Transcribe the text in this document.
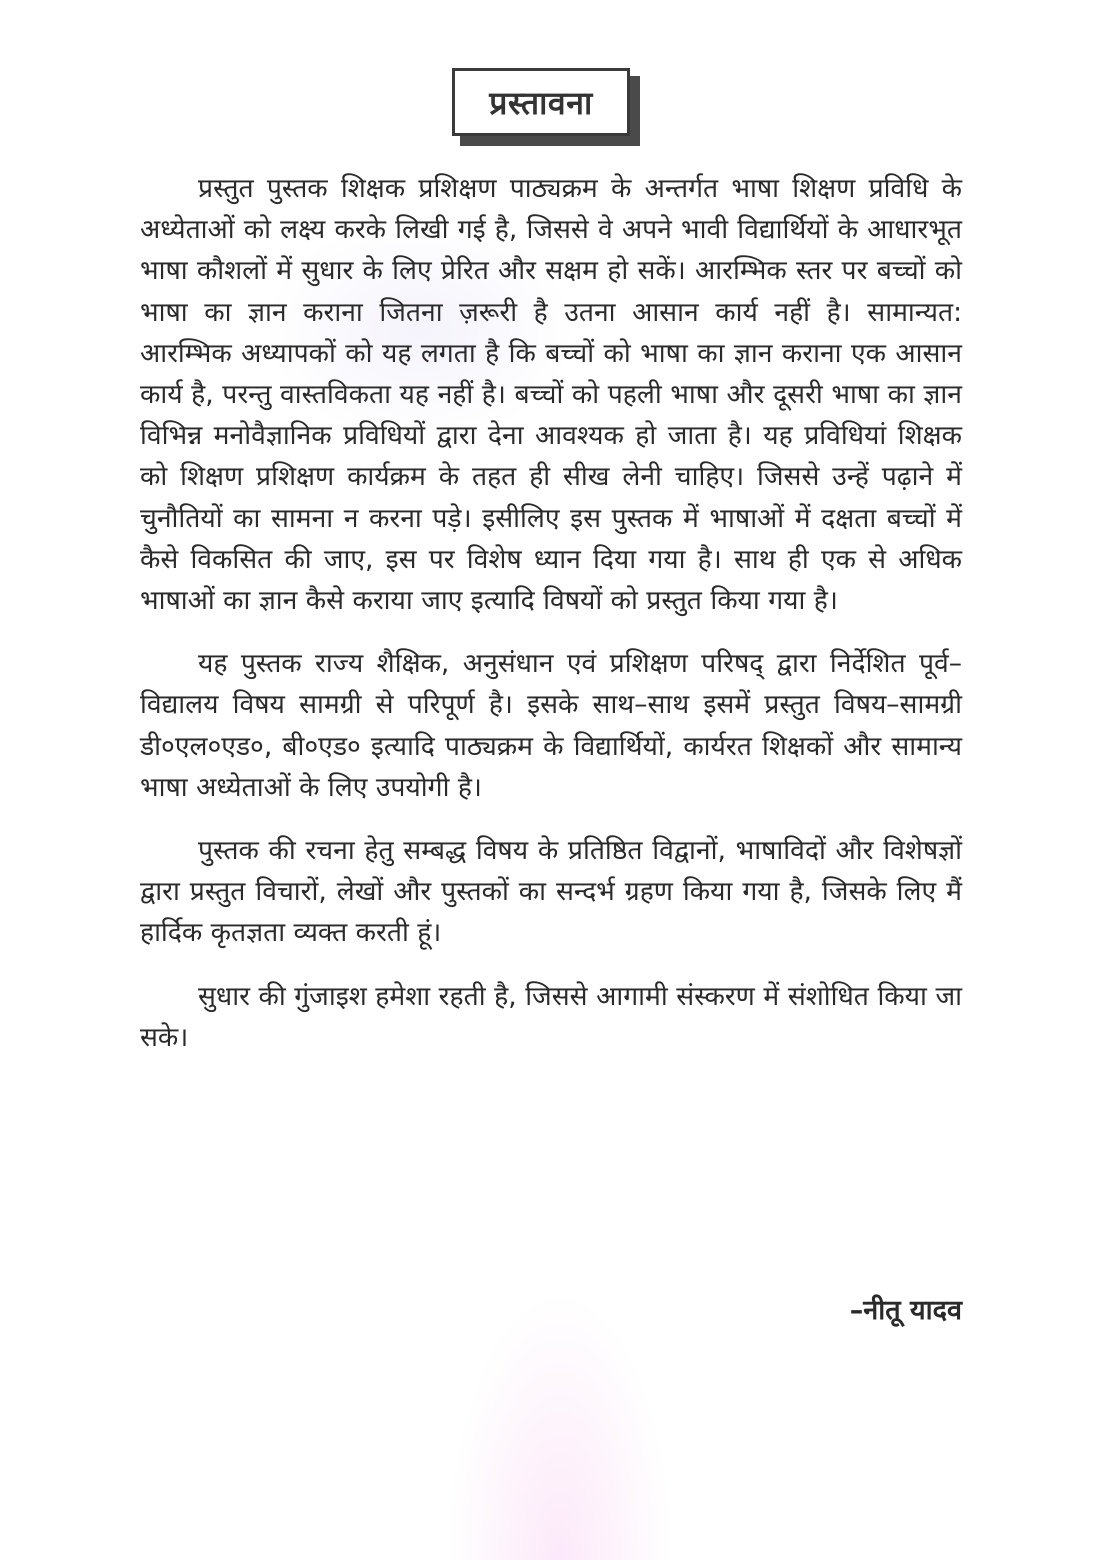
प्रस्तावना

प्रस्तुत पुस्तक शिक्षक प्रशिक्षण पाठ्यक्रम के अन्तर्गत भाषा शिक्षण प्रविधि के अध्येताओं को लक्ष्य करके लिखी गई है, जिससे वे अपने भावी विद्यार्थियों के आधारभूत भाषा कौशलों में सुधार के लिए प्रेरित और सक्षम हो सकें। आरम्भिक स्तर पर बच्चों को भाषा का ज्ञान कराना जितना ज़रूरी है उतना आसान कार्य नहीं है। सामान्यत: आरम्भिक अध्यापकों को यह लगता है कि बच्चों को भाषा का ज्ञान कराना एक आसान कार्य है, परन्तु वास्तविकता यह नहीं है। बच्चों को पहली भाषा और दूसरी भाषा का ज्ञान विभिन्न मनोवैज्ञानिक प्रविधियों द्वारा देना आवश्यक हो जाता है। यह प्रविधियां शिक्षक को शिक्षण प्रशिक्षण कार्यक्रम के तहत ही सीख लेनी चाहिए। जिससे उन्हें पढ़ाने में चुनौतियों का सामना न करना पड़े। इसीलिए इस पुस्तक में भाषाओं में दक्षता बच्चों में कैसे विकसित की जाए, इस पर विशेष ध्यान दिया गया है। साथ ही एक से अधिक भाषाओं का ज्ञान कैसे कराया जाए इत्यादि विषयों को प्रस्तुत किया गया है।

यह पुस्तक राज्य शैक्षिक, अनुसंधान एवं प्रशिक्षण परिषद् द्वारा निर्देशित पूर्व–विद्यालय विषय सामग्री से परिपूर्ण है। इसके साथ–साथ इसमें प्रस्तुत विषय–सामग्री डी०एल०एड०, बी०एड० इत्यादि पाठ्यक्रम के विद्यार्थियों, कार्यरत शिक्षकों और सामान्य भाषा अध्येताओं के लिए उपयोगी है।

पुस्तक की रचना हेतु सम्बद्ध विषय के प्रतिष्ठित विद्वानों, भाषाविदों और विशेषज्ञों द्वारा प्रस्तुत विचारों, लेखों और पुस्तकों का सन्दर्भ ग्रहण किया गया है, जिसके लिए मैं हार्दिक कृतज्ञता व्यक्त करती हूं।

सुधार की गुंजाइश हमेशा रहती है, जिससे आगामी संस्करण में संशोधित किया जा सके।

–नीतू यादव
